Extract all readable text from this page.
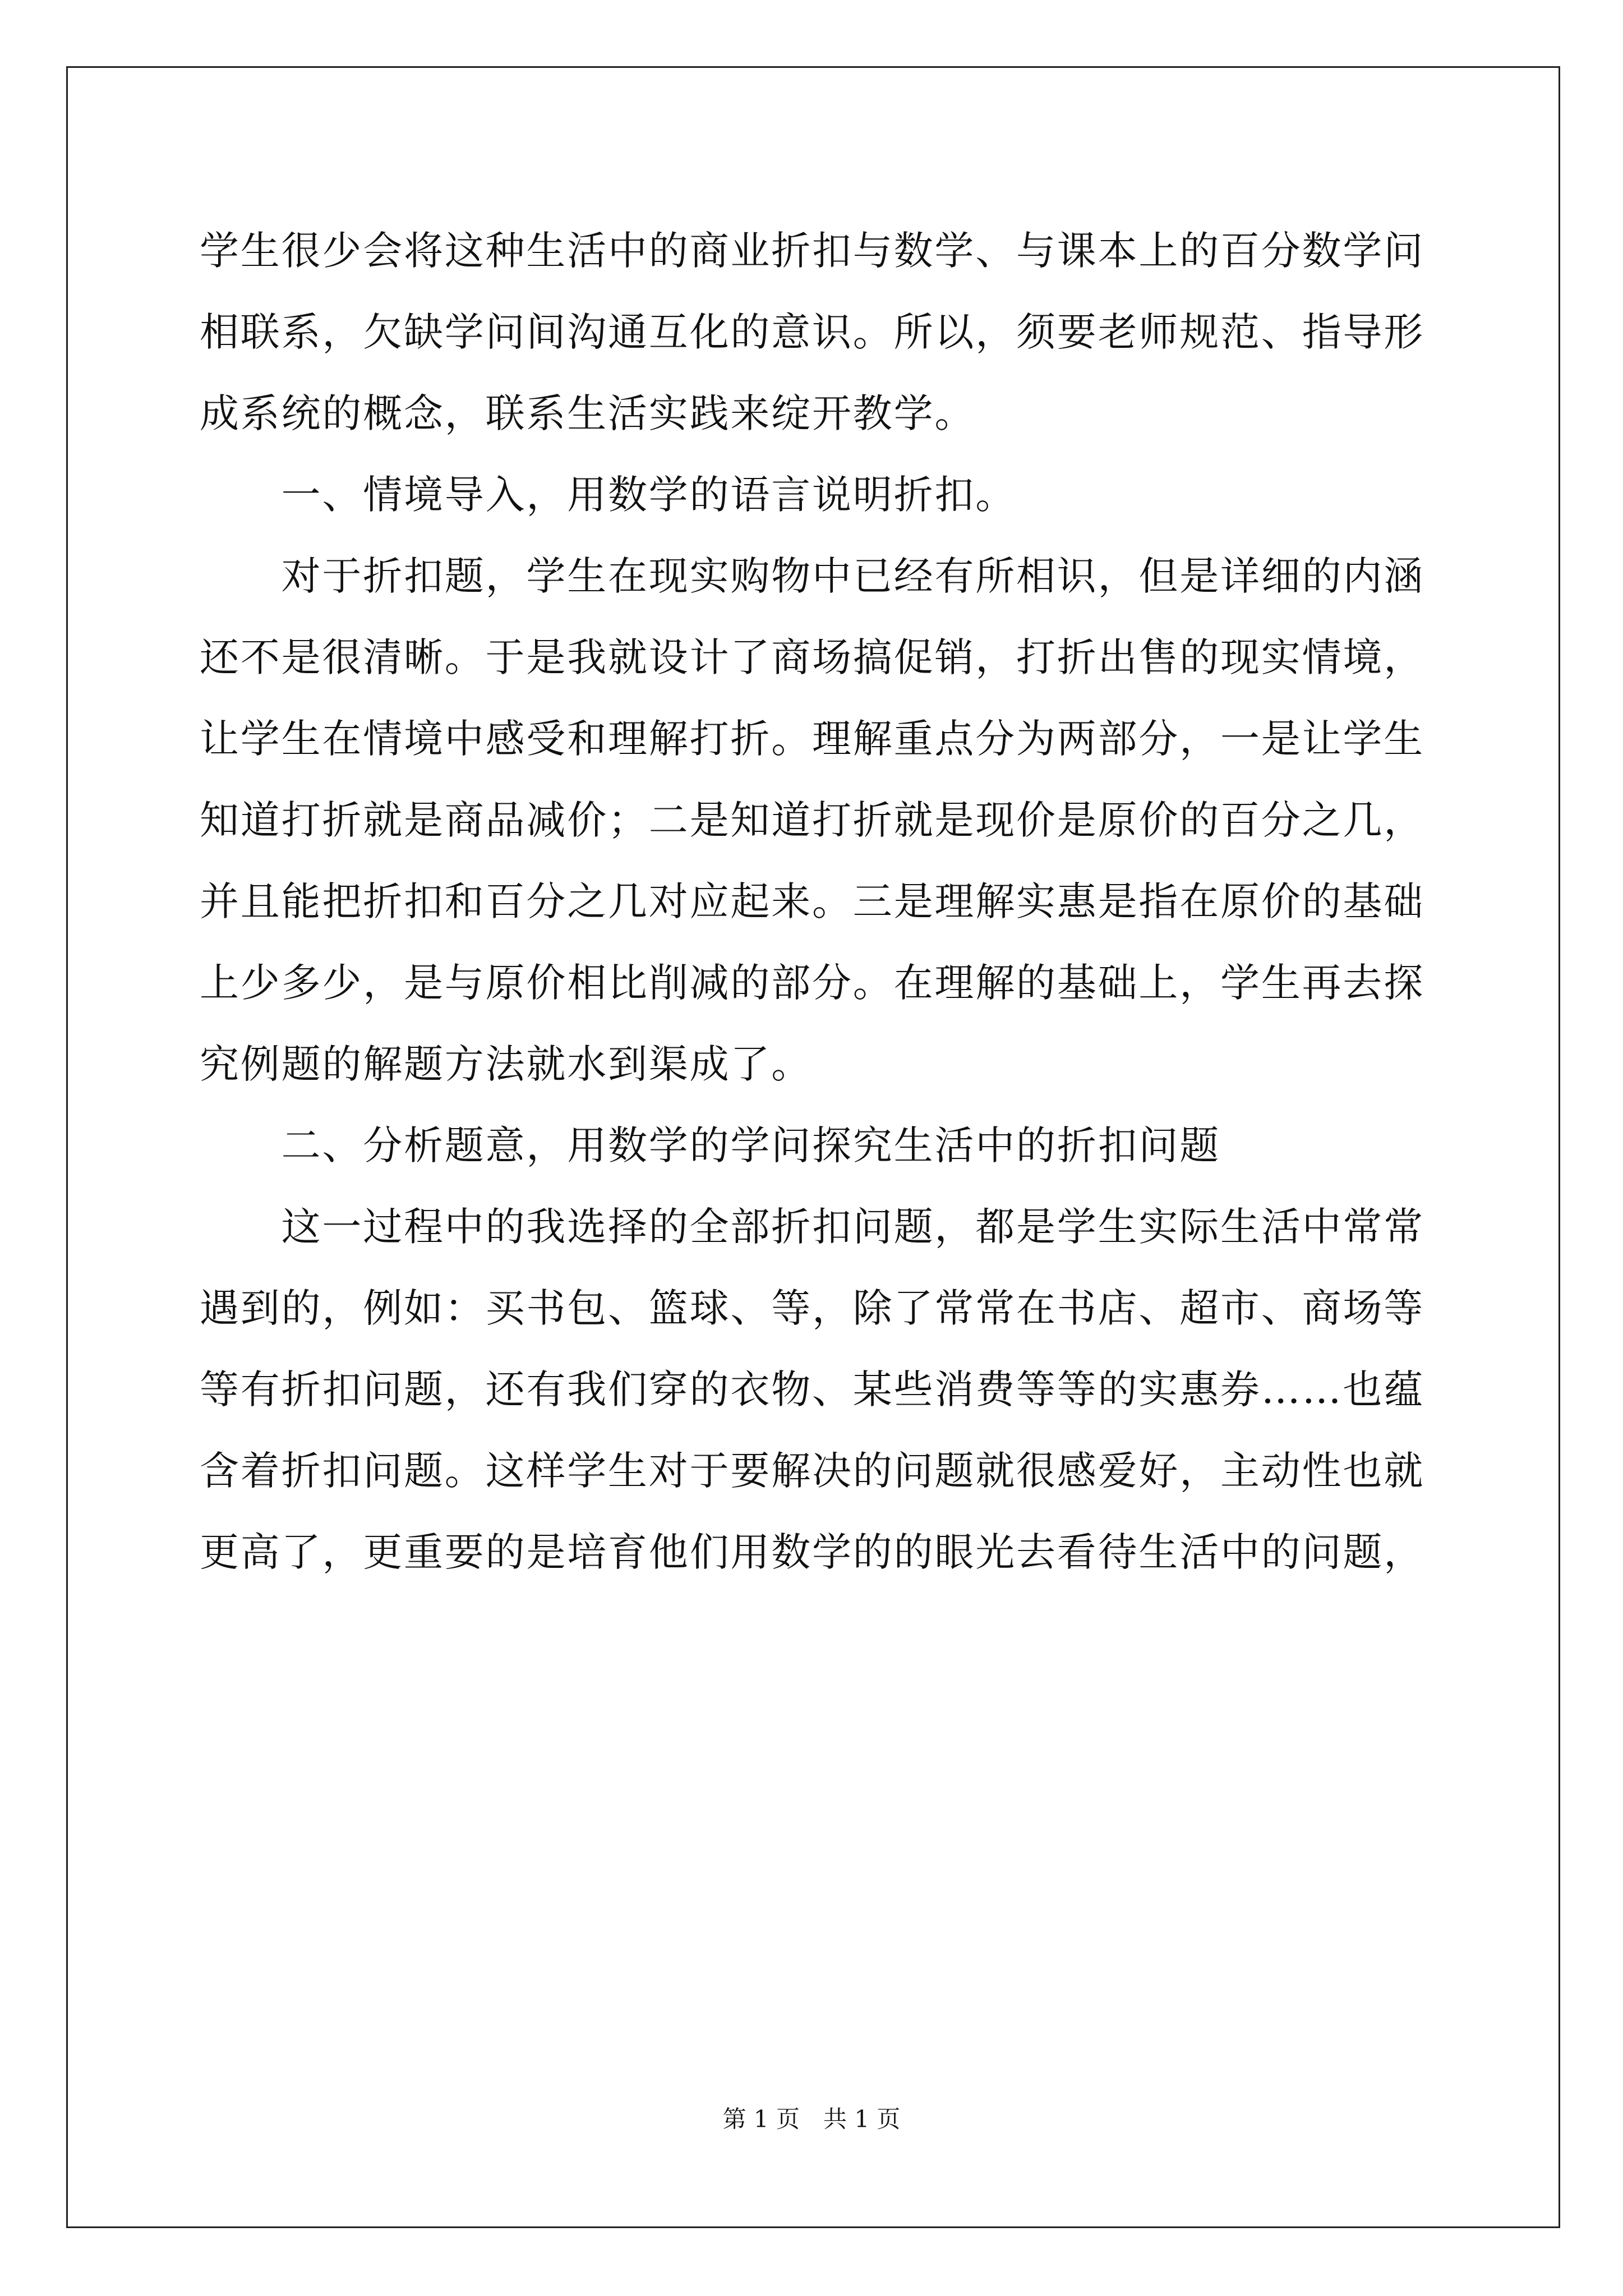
学生很少会将这种生活中的商业折扣与数学、与课本上的百分数学问
相联系，欠缺学问间沟通互化的意识。所以，须要老师规范、指导形
成系统的概念，联系生活实践来绽开教学。
　　一、情境导入，用数学的语言说明折扣。
　　对于折扣题，学生在现实购物中已经有所相识，但是详细的内涵
还不是很清晰。于是我就设计了商场搞促销，打折出售的现实情境，
让学生在情境中感受和理解打折。理解重点分为两部分，一是让学生
知道打折就是商品减价；二是知道打折就是现价是原价的百分之几，
并且能把折扣和百分之几对应起来。三是理解实惠是指在原价的基础
上少多少，是与原价相比削减的部分。在理解的基础上，学生再去探
究例题的解题方法就水到渠成了。
　　二、分析题意，用数学的学问探究生活中的折扣问题
　　这一过程中的我选择的全部折扣问题，都是学生实际生活中常常
遇到的，例如：买书包、篮球、等，除了常常在书店、超市、商场等
等有折扣问题，还有我们穿的衣物、某些消费等等的实惠券……也蕴
含着折扣问题。这样学生对于要解决的问题就很感爱好，主动性也就
更高了，更重要的是培育他们用数学的的眼光去看待生活中的问题，
第 1 页　共 1 页
